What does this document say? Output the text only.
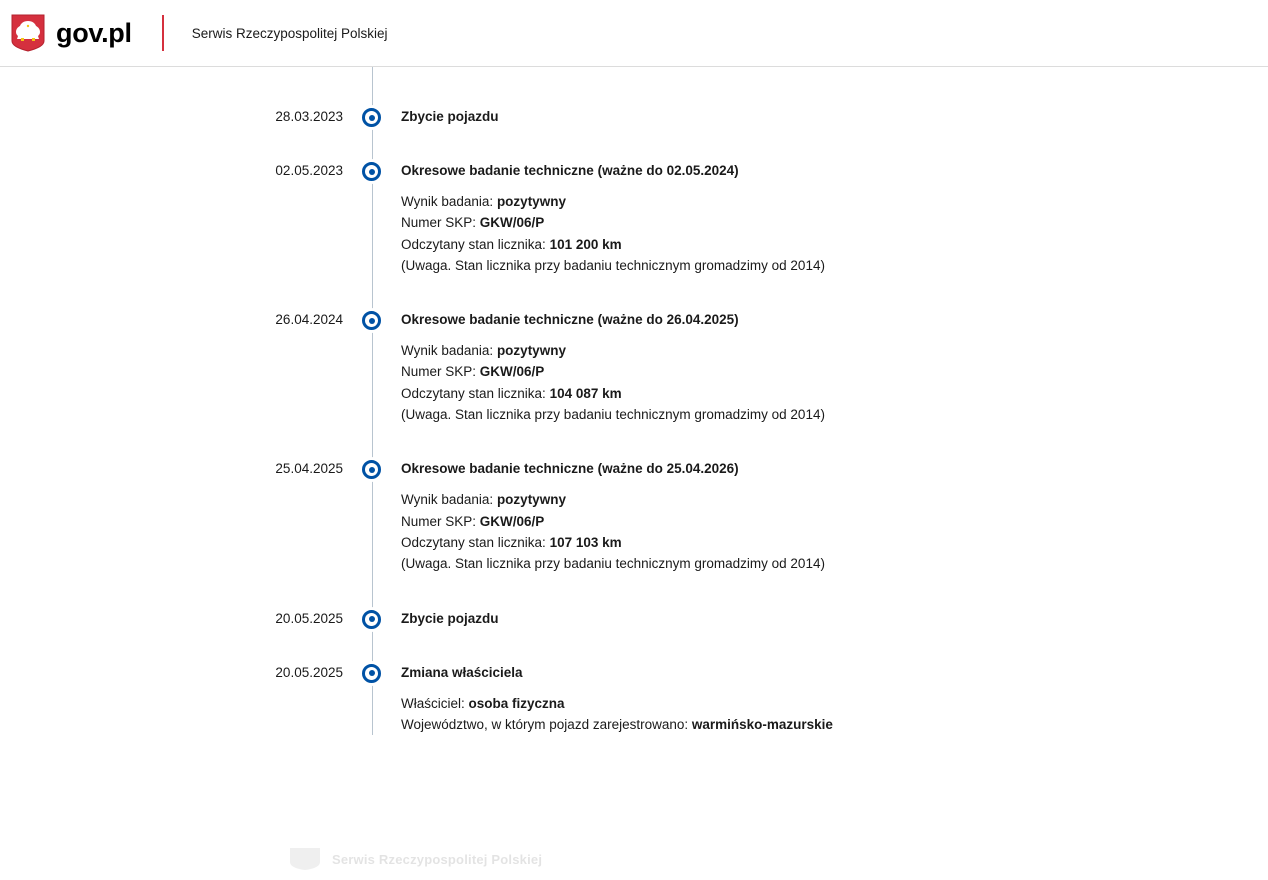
gov.pl	Serwis Rzeczypospolitej Polskiej
28.03.2023	Zbycie pojazdu
02.05.2023	Okresowe badanie techniczne (ważne do 02.05.2024)
Wynik badania: pozytywny
Numer SKP: GKW/06/P
Odczytany stan licznika: 101 200 km
(Uwaga. Stan licznika przy badaniu technicznym gromadzimy od 2014)
26.04.2024	Okresowe badanie techniczne (ważne do 26.04.2025)
Wynik badania: pozytywny
Numer SKP: GKW/06/P
Odczytany stan licznika: 104 087 km
(Uwaga. Stan licznika przy badaniu technicznym gromadzimy od 2014)
25.04.2025	Okresowe badanie techniczne (ważne do 25.04.2026)
Wynik badania: pozytywny
Numer SKP: GKW/06/P
Odczytany stan licznika: 107 103 km
(Uwaga. Stan licznika przy badaniu technicznym gromadzimy od 2014)
20.05.2025	Zbycie pojazdu
20.05.2025	Zmiana właściciela
Właściciel: osoba fizyczna
Województwo, w którym pojazd zarejestrowano: warmińsko-mazurskie
Serwis Rzeczypospolitej Polskiej
